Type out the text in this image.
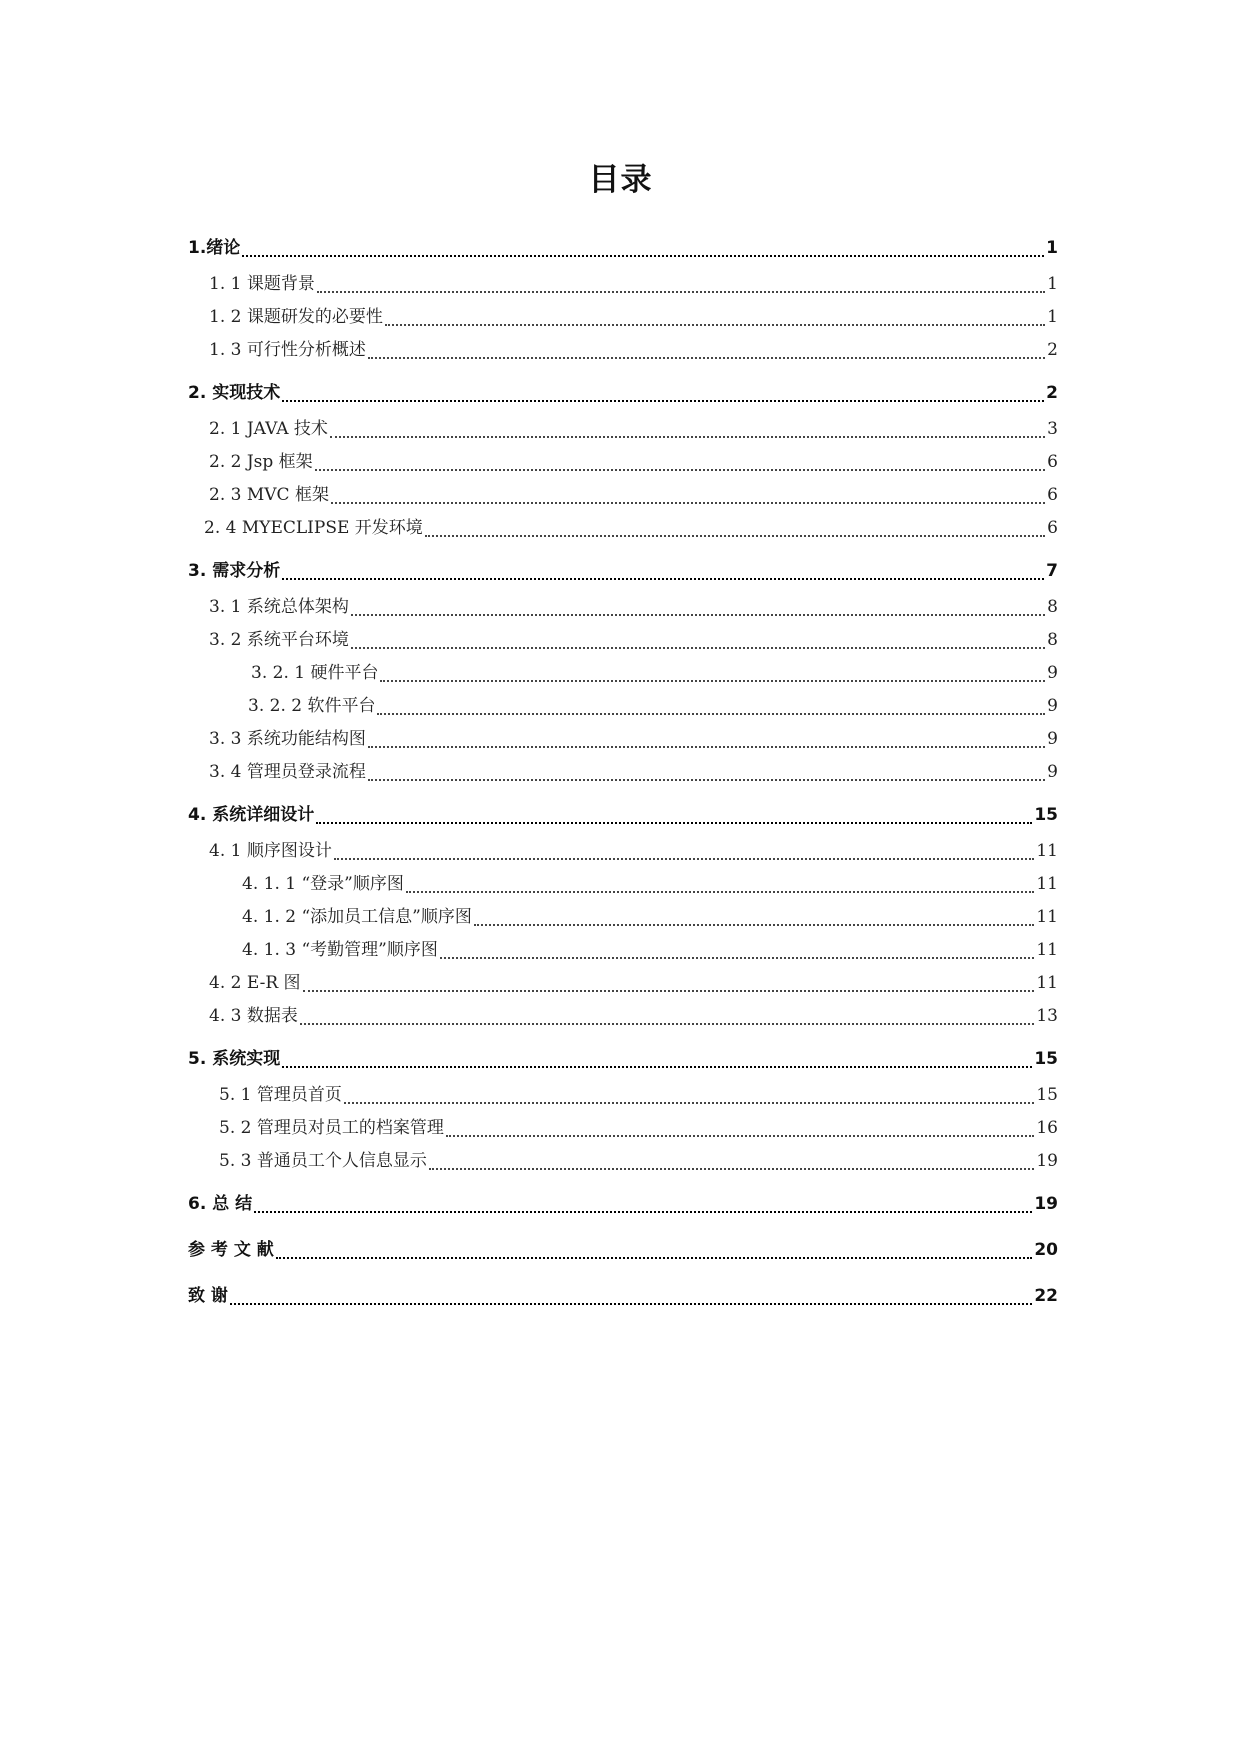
目录
1.绪论	1
1. 1 课题背景	1
1. 2 课题研发的必要性	1
1. 3 可行性分析概述	2
2. 实现技术	2
2. 1 JAVA 技术	3
2. 2 Jsp 框架	6
2. 3 MVC 框架	6
2. 4 MYECLIPSE 开发环境	6
3. 需求分析	7
3. 1 系统总体架构	8
3. 2 系统平台环境	8
3. 2. 1 硬件平台	9
3. 2. 2 软件平台	9
3. 3 系统功能结构图	9
3. 4 管理员登录流程	9
4. 系统详细设计	15
4. 1 顺序图设计	11
4. 1. 1 “登录”顺序图	11
4. 1. 2 “添加员工信息”顺序图	11
4. 1. 3 “考勤管理”顺序图	11
4. 2 E-R 图	11
4. 3 数据表	13
5. 系统实现	15
5. 1 管理员首页	15
5. 2 管理员对员工的档案管理	16
5. 3 普通员工个人信息显示	19
6. 总 结	19
参 考 文 献	20
致 谢	22
